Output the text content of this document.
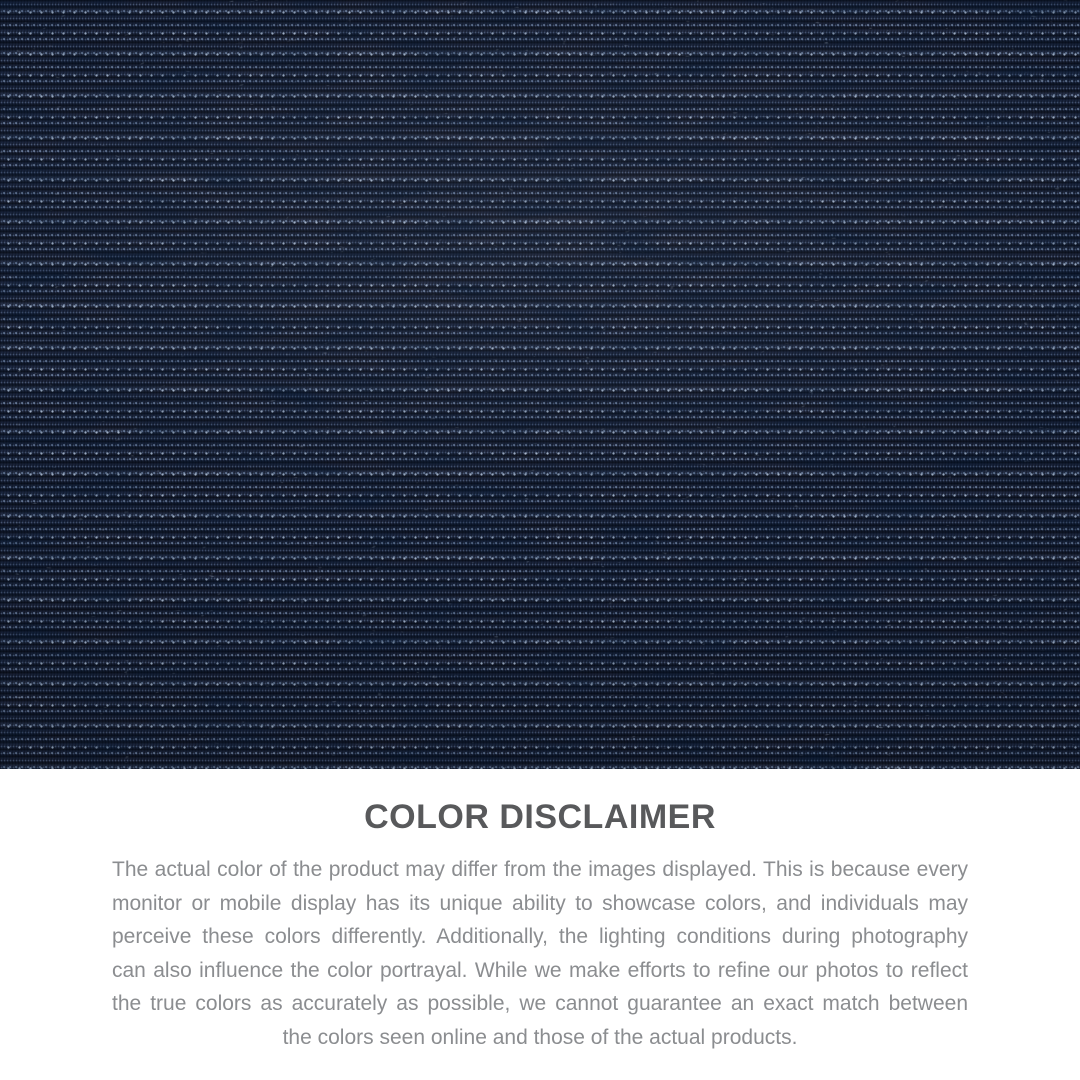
COLOR DISCLAIMER
The actual color of the product may differ from the images displayed. This is because every
monitor or mobile display has its unique ability to showcase colors, and individuals may
perceive these colors differently. Additionally, the lighting conditions during photography
can also influence the color portrayal. While we make efforts to refine our photos to reflect
the true colors as accurately as possible, we cannot guarantee an exact match between
the colors seen online and those of the actual products.
